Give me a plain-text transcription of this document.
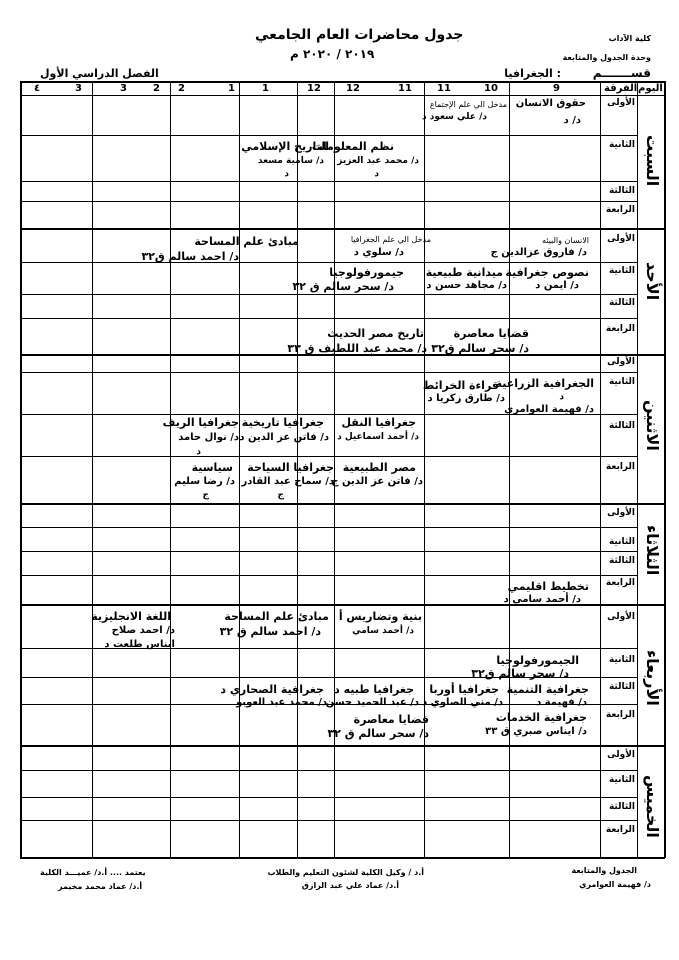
كلية الآداب
وحدة الجدول والمتابعة
جدول محاضرات العام الجامعي
٢٠١٩ / ٢٠٢٠ م
قســـــــم
: الجغرافيا
الفصل الدراسي الأول
اليوم
الفرقة
9
10
11
11
12
12
1
1
2
2
3
3
٤
السبت
الأحد
الاثنين
الثلاثاء
الأربعاء
الخميس
الأولى
الثانية
الثالثة
الرابعة
الأولى
الثانية
الثالثة
الرابعة
الأولى
الثانية
الثالثة
الرابعة
الأولى
الثانية
الثالثة
الرابعة
الأولى
الثانية
الثالثة
الرابعة
الأولى
الثانية
الثالثة
الرابعة
حقوق الانسان
د/ د
مدخل الي علم الإجتماع
د/ علي سعود د
نظم المعلومات
د/ محمد عبد العزيز
د
التاريخ الإسلامي
د/ سامية مسعد
د
الانسان والبيئه
د/ فاروق عزالدين ج
مدخل الي علم الجغرافيا
د/ سلوي د
مبادئ علم المساحة
د/ احمد سالم ق٣٢
نصوص جغرافية
د/ ايمن د
ميدانية طبيعية
د/ مجاهد حسن د
جيمورفولوجيا
د/ سحر سالم ق ٣٢
قضايا معاصرة
د/ سحر سالم ق٣٢
تاريخ مصر الحديث
د/ محمد عبد اللطيف ق ٣٣
الجغرافية الزراعية
د
د/ فهيمة العوامري
قراءة الخرائط
د/ طارق زكريا د
جغرافيا النقل
د/ أحمد اسماعيل د
جغرافيا تاريخية
د/ فاتن عز الدين د
جغرافيا الريف
د/ نوال حامد
د
مصر الطبيعية
د/ فاتن عز الدين ج
جغرافيا السياحة
د/ سماح عبد القادر
ج
سياسية
د/ رضا سليم
ج
تخطيط اقليمي
د/ أحمد سامي د
بنية وتضاريس أ
د/ أحمد سامي
مبادئ علم المساحة
د/ احمد سالم ق ٣٢
اللغة الانجليزية
د/ احمد صلاح
ايناس طلعت د
الجيمورفولوجيا
د/ سحر سالم ق٣٢
جغرافية التنمية
د/ فهيمة د
جغرافيا أوربا
د/ مني الصاوي د
جغرافيا طبيه د
د/ عبد الحميد حسن
جغرافية الصحاري د
د/ محمد عبد العوبو
جغرافية الخدمات
د/ ايناس صبري ق ٣٣
قضايا معاصرة
د/ سحر سالم ق ٣٢
الجدول والمتابعة
د/ فهيمة العوامري
أ.د / وكيل الكلية لشئون التعليم والطلاب
أ.د/ عماد علي عبد الرازق
يعتمد .... أ.د/ عميـــد الكلية
أ.د/ عماد محمد مخيمر
